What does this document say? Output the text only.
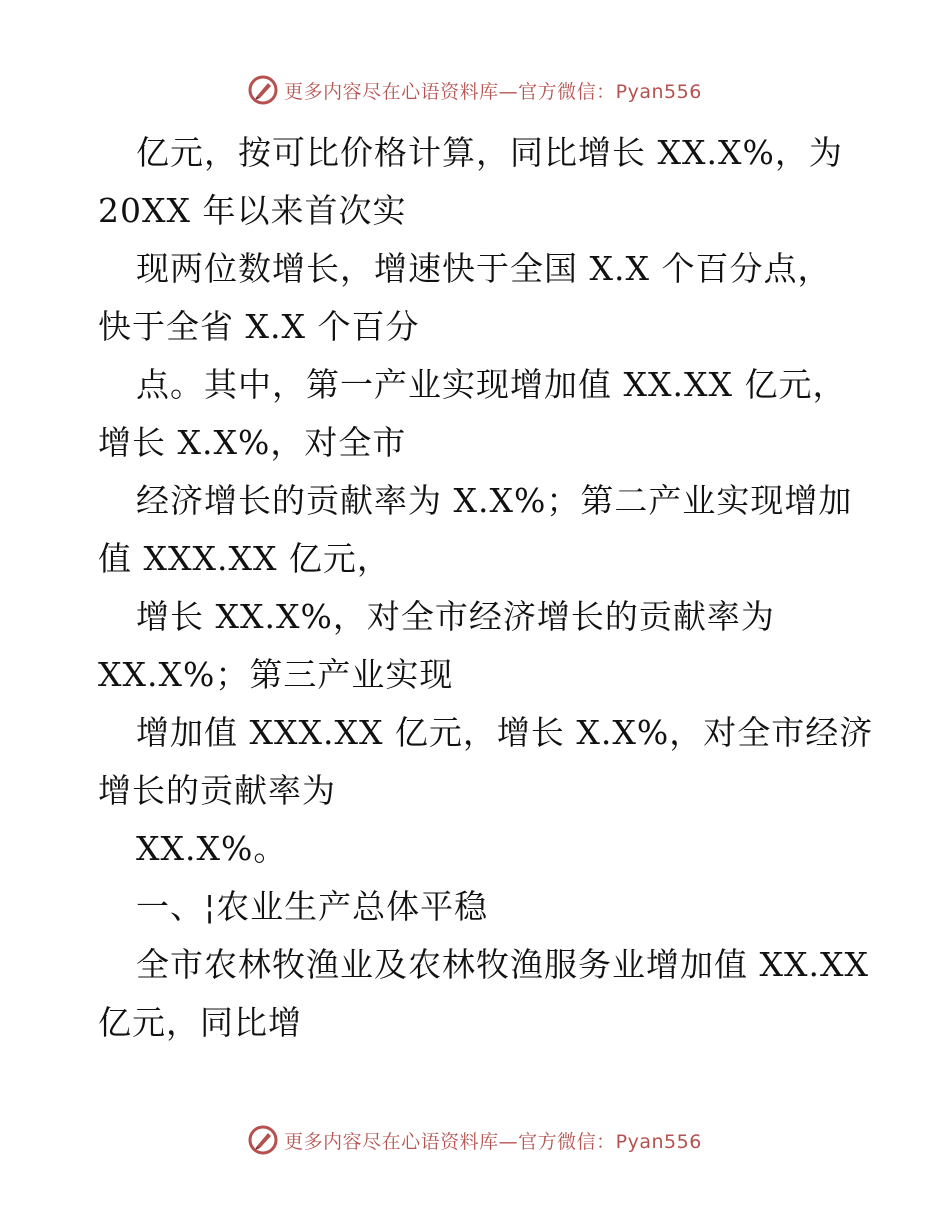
更多内容尽在心语资料库—官方微信：Pyan556
亿元，按可比价格计算，同比增长 XX.X%，为
20XX 年以来首次实
现两位数增长，增速快于全国 X.X 个百分点，
快于全省 X.X 个百分
点。其中，第一产业实现增加值 XX.XX 亿元，
增长 X.X%，对全市
经济增长的贡献率为 X.X%；第二产业实现增加
值 XXX.XX 亿元，
增长 XX.X%，对全市经济增长的贡献率为
XX.X%；第三产业实现
增加值 XXX.XX 亿元，增长 X.X%，对全市经济
增长的贡献率为
XX.X%。
一、¦农业生产总体平稳
全市农林牧渔业及农林牧渔服务业增加值 XX.XX
亿元，同比增
更多内容尽在心语资料库—官方微信：Pyan556
